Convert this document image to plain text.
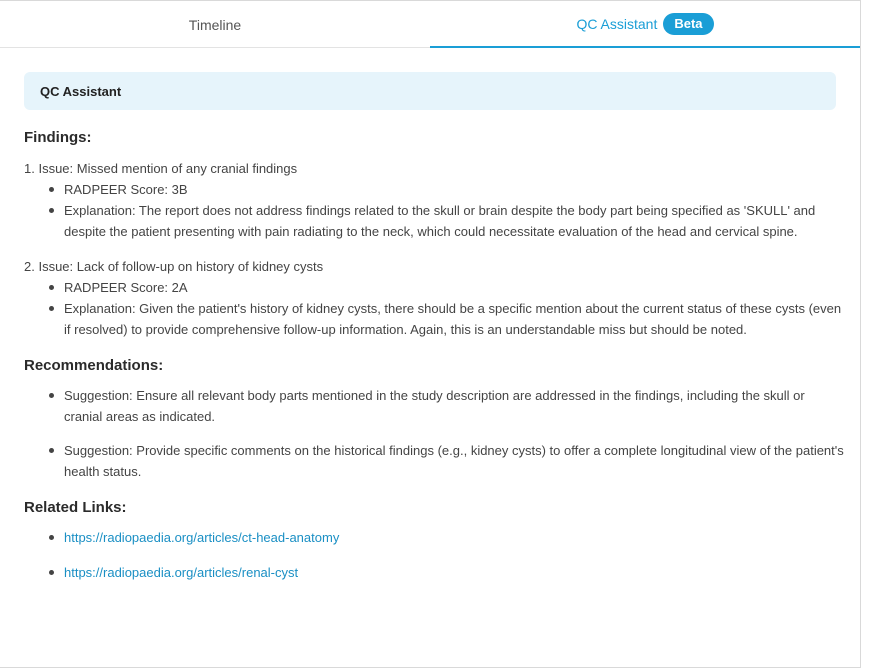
Timeline	QC Assistant	Beta
QC Assistant
Findings:
1. Issue: Missed mention of any cranial findings
RADPEER Score: 3B
Explanation: The report does not address findings related to the skull or brain despite the body part being specified as 'SKULL' and despite the patient presenting with pain radiating to the neck, which could necessitate evaluation of the head and cervical spine.
2. Issue: Lack of follow-up on history of kidney cysts
RADPEER Score: 2A
Explanation: Given the patient's history of kidney cysts, there should be a specific mention about the current status of these cysts (even if resolved) to provide comprehensive follow-up information. Again, this is an understandable miss but should be noted.
Recommendations:
Suggestion: Ensure all relevant body parts mentioned in the study description are addressed in the findings, including the skull or cranial areas as indicated.
Suggestion: Provide specific comments on the historical findings (e.g., kidney cysts) to offer a complete longitudinal view of the patient's health status.
Related Links:
https://radiopaedia.org/articles/ct-head-anatomy
https://radiopaedia.org/articles/renal-cyst
